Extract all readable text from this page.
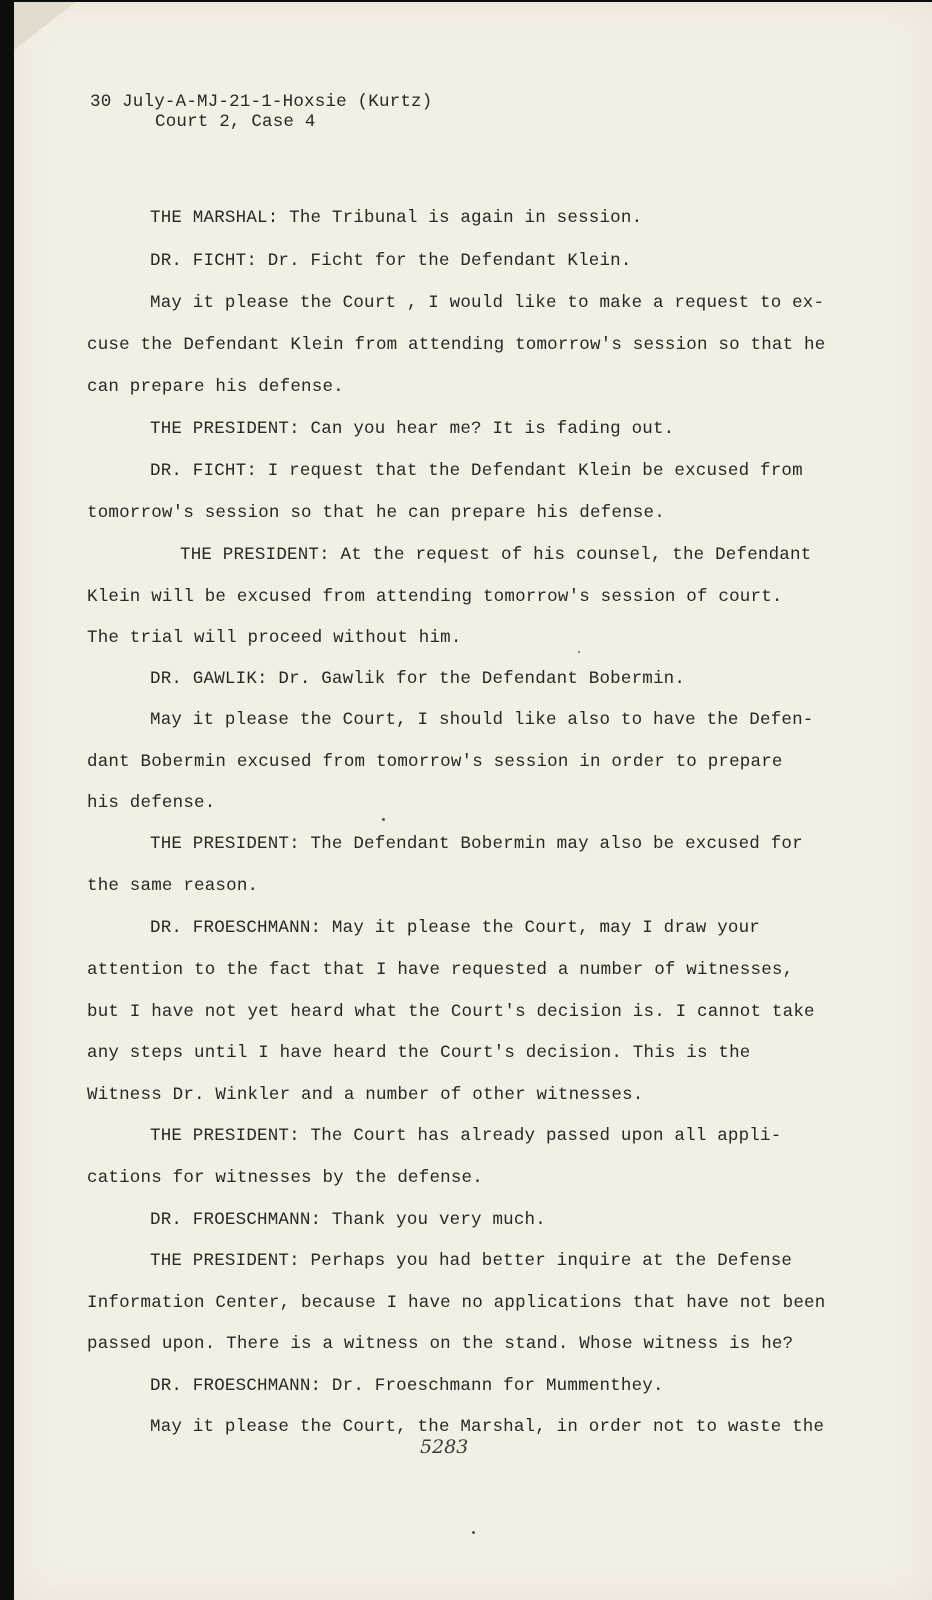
30 July-A-MJ-21-1-Hoxsie (Kurtz)
Court 2, Case 4
THE MARSHAL: The Tribunal is again in session.
DR. FICHT: Dr. Ficht for the Defendant Klein.
May it please the Court , I would like to make a request to ex-
cuse the Defendant Klein from attending tomorrow's session so that he
can prepare his defense.
THE PRESIDENT: Can you hear me? It is fading out.
DR. FICHT: I request that the Defendant Klein be excused from
tomorrow's session so that he can prepare his defense.
THE PRESIDENT: At the request of his counsel, the Defendant
Klein will be excused from attending tomorrow's session of court.
The trial will proceed without him.
DR. GAWLIK: Dr. Gawlik for the Defendant Bobermin.
May it please the Court, I should like also to have the Defen-
dant Bobermin excused from tomorrow's session in order to prepare
his defense.
THE PRESIDENT: The Defendant Bobermin may also be excused for
the same reason.
DR. FROESCHMANN: May it please the Court, may I draw your
attention to the fact that I have requested a number of witnesses,
but I have not yet heard what the Court's decision is. I cannot take
any steps until I have heard the Court's decision. This is the
Witness Dr. Winkler and a number of other witnesses.
THE PRESIDENT: The Court has already passed upon all appli-
cations for witnesses by the defense.
DR. FROESCHMANN: Thank you very much.
THE PRESIDENT: Perhaps you had better inquire at the Defense
Information Center, because I have no applications that have not been
passed upon. There is a witness on the stand. Whose witness is he?
DR. FROESCHMANN: Dr. Froeschmann for Mummenthey.
May it please the Court, the Marshal, in order not to waste the
5283
